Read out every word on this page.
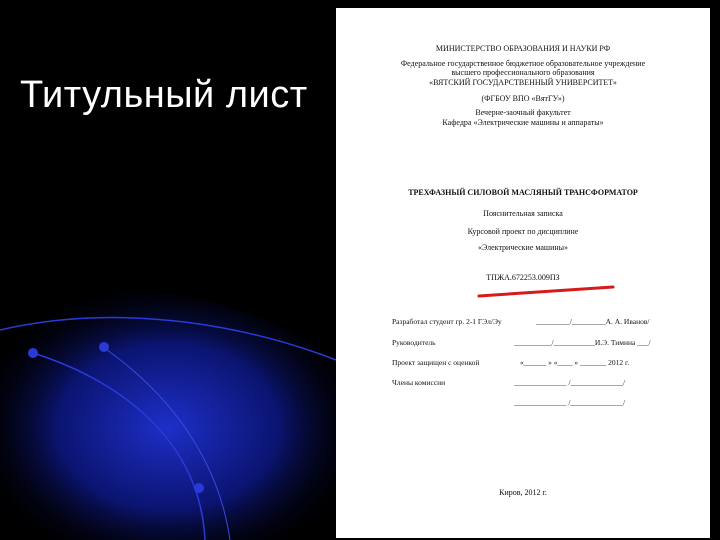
Титульный лист
МИНИСТЕРСТВО ОБРАЗОВАНИЯ И НАУКИ РФ
Федеральное государственное бюджетное образовательное учреждение
высшего профессионального образования
«ВЯТСКИЙ ГОСУДАРСТВЕННЫЙ УНИВЕРСИТЕТ»
(ФГБОУ ВПО «ВятГУ»)
Вечерне-заочный факультет
Кафедра «Электрические машины и аппараты»
ТРЕХФАЗНЫЙ СИЛОВОЙ МАСЛЯНЫЙ ТРАНСФОРМАТОР
Пояснительная записка
Курсовой проект по дисциплине
«Электрические машины»
ТПЖА.672253.009ПЗ
Разработал студент гр. 2-1 ГЭл/Эу	_________/_________А. А. Иванов/
Руководитель	__________/___________И.Э. Тимина ___/
Проект защищен с оценкой	«______ » «____ » _______ 2012 г.
Члены комиссии	______________ /______________/
______________ /______________/
Киров, 2012 г.
